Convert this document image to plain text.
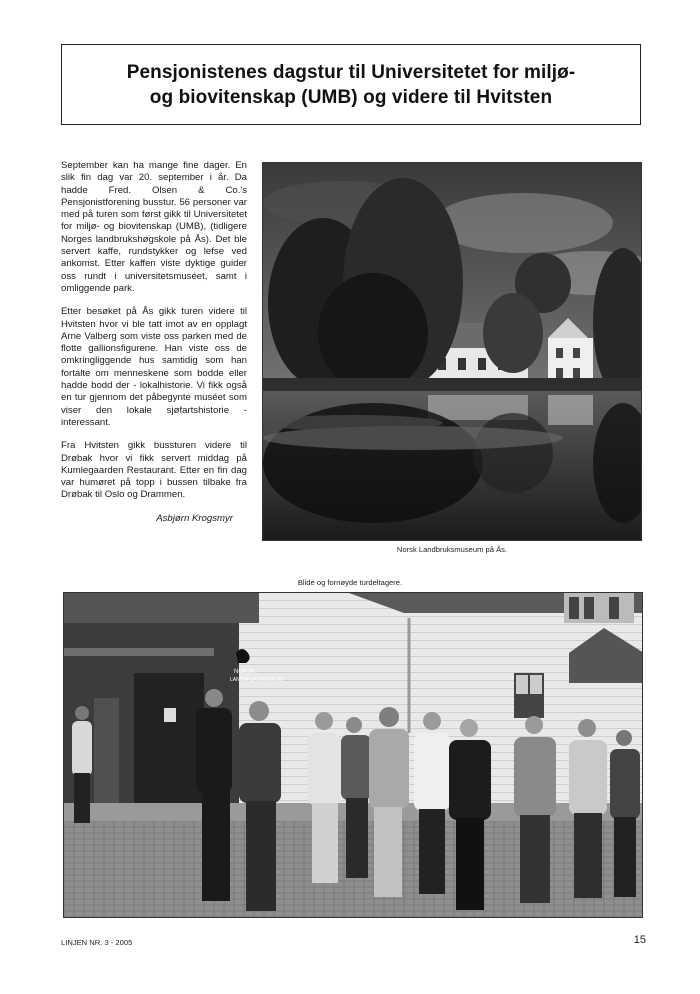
Pensjonistenes dagstur til Universitetet for miljø-
og biovitenskap (UMB) og videre til Hvitsten

September kan ha mange fine dager. En slik fin dag var 20. september i år. Da hadde Fred. Olsen & Co.'s Pensjonistforening busstur. 56 personer var med på turen som først gikk til Universitetet for miljø- og biovitenskap (UMB), (tidligere Norges landbrukshøgskole på Ås). Det ble servert kaffe, rundstykker og lefse ved ankomst. Etter kaffen viste dyktige guider oss rundt i universitetsmuséet, samt i omliggende park.

Etter besøket på Ås gikk turen videre til Hvitsten hvor vi ble tatt imot av en opplagt Arne Valberg som viste oss parken med de flotte gallionsfigurene. Han viste oss de omkringliggende hus samtidig som han fortalte om menneskene som bodde eller hadde bodd der - lokalhistorie. Vi fikk også en tur gjennom det påbegynte muséet som viser den lokale sjøfartshistorie - interessant.

Fra Hvitsten gikk bussturen videre til Drøbak hvor vi fikk servert middag på Kumlegaarden Restaurant. Etter en fin dag var humøret på topp i bussen tilbake fra Drøbak til Oslo og Drammen.

Asbjørn Krogsmyr
Norsk Landbruksmuseum på Ås.
Blide og fornøyde turdeltagere.
NORSK
LANDBRUKSMUSEUM
LINJEN NR. 3 - 2005	15
